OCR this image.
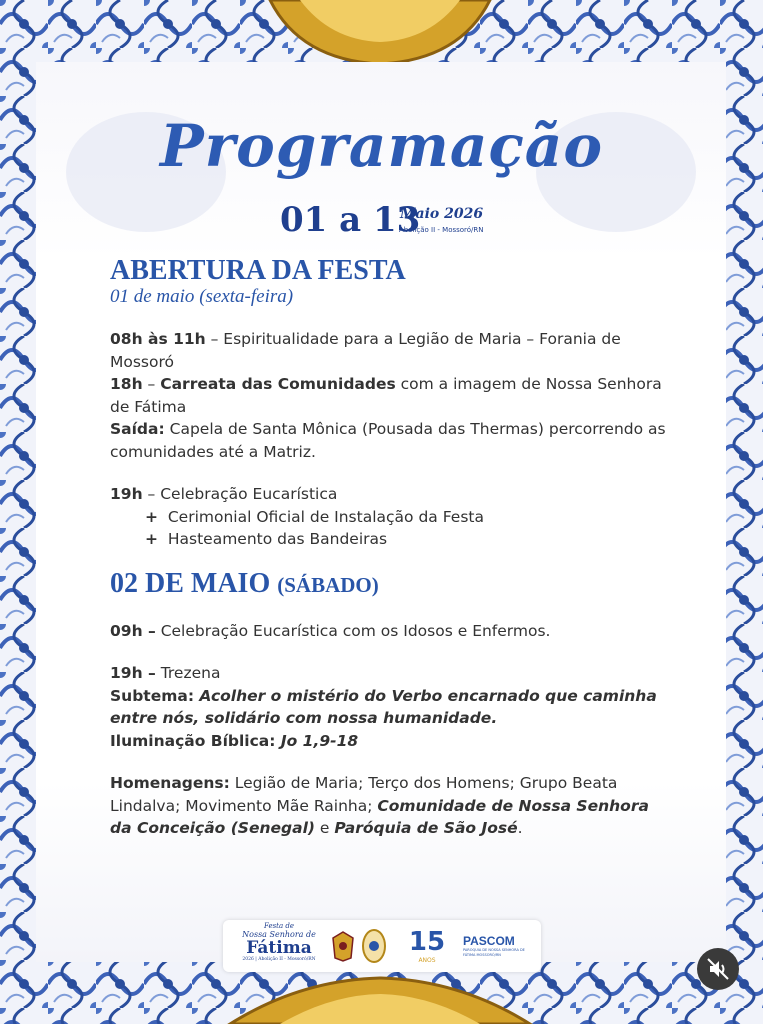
Programação
01 a 13
Maio 2026
Abolição II - Mossoró/RN
ABERTURA DA FESTA
01 de maio (sexta-feira)
08h às 11h – Espiritualidade para a Legião de Maria – Forania de Mossoró
18h – Carreata das Comunidades com a imagem de Nossa Senhora de Fátima
Saída: Capela de Santa Mônica (Pousada das Thermas) percorrendo as comunidades até a Matriz.
19h – Celebração Eucarística
+ Cerimonial Oficial de Instalação da Festa
+ Hasteamento das Bandeiras
02 DE MAIO (SÁBADO)
09h – Celebração Eucarística com os Idosos e Enfermos.
19h – Trezena
Subtema: Acolher o mistério do Verbo encarnado que caminha entre nós, solidário com nossa humanidade.
Iluminação Bíblica: Jo 1,9-18
Homenagens: Legião de Maria; Terço dos Homens; Grupo Beata Lindalva; Movimento Mãe Rainha; Comunidade de Nossa Senhora da Conceição (Senegal) e Paróquia de São José.
Festa de
Nossa Senhora de
Fátima
2026 | Abolição II - Mossoró/RN
15
ANOS
PASCOM
PAROQUIA DE NOSSA SENHORA DE FÁTIMA MOSSORÓ/RN
